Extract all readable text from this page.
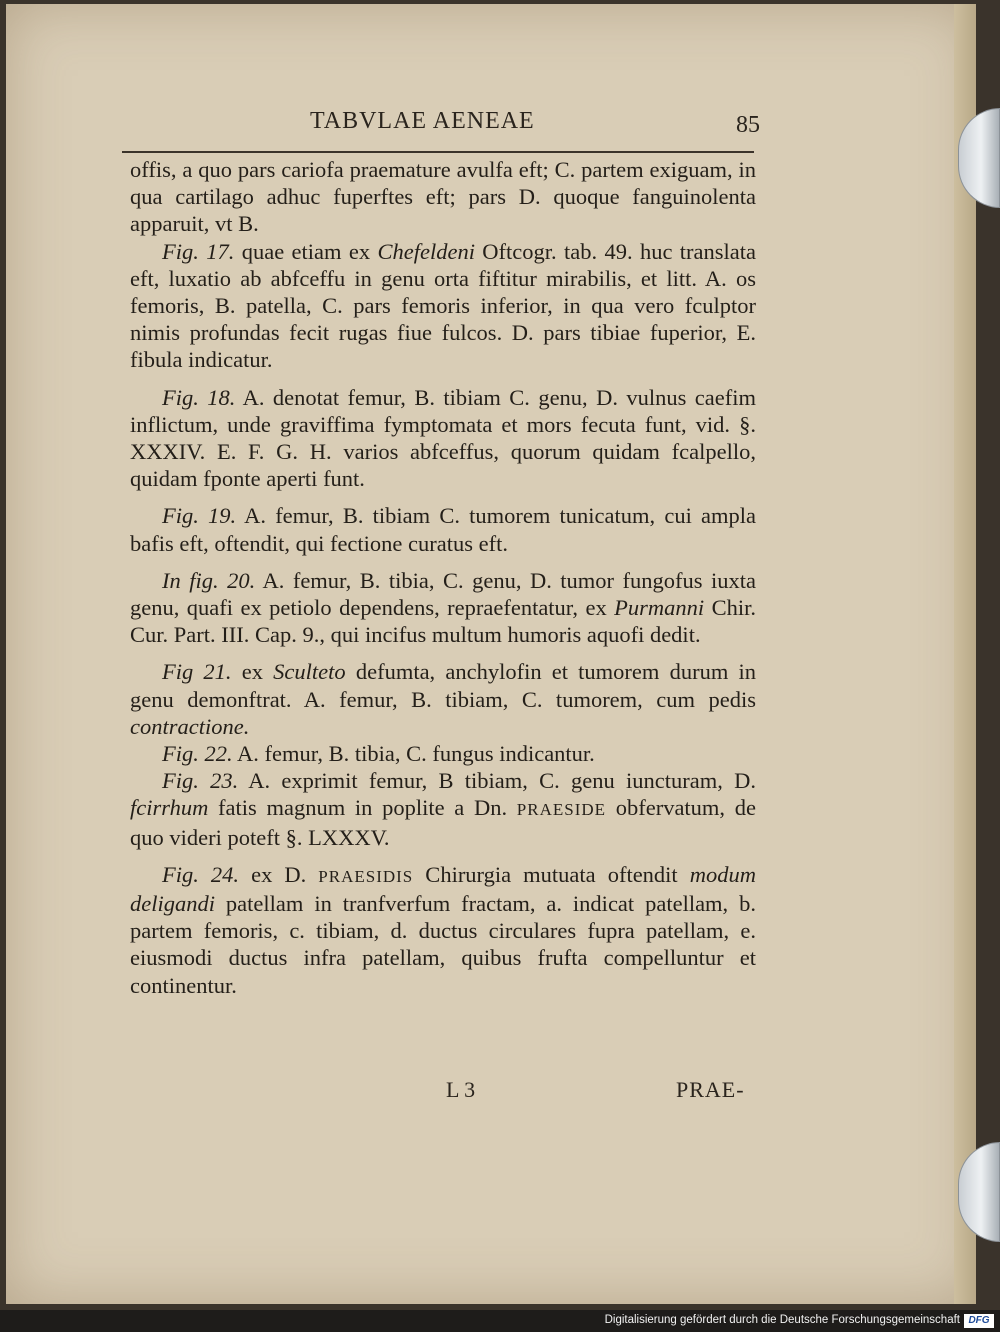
TABVLAE AENEAE	85

offis, a quo pars cariofa praemature avulfa eft; C. partem exiguam, in qua cartilago adhuc fuperftes eft; pars D. quoque fanguinolenta apparuit, vt B.

Fig. 17. quae etiam ex Chefeldeni Oftcogr. tab. 49. huc translata eft, luxatio ab abfceffu in genu orta fiftitur mirabilis, et litt. A. os femoris, B. patella, C. pars femoris inferior, in qua vero fculptor nimis profundas fecit rugas fiue fulcos. D. pars tibiae fuperior, E. fibula indicatur.

Fig. 18. A. denotat femur, B. tibiam C. genu, D. vulnus caefim inflictum, unde graviffima fymptomata et mors fecuta funt, vid. §. XXXIV. E. F. G. H. varios abfceffus, quorum quidam fcalpello, quidam fponte aperti funt.

Fig. 19. A. femur, B. tibiam C. tumorem tunicatum, cui ampla bafis eft, oftendit, qui fectione curatus eft.

In fig. 20. A. femur, B. tibia, C. genu, D. tumor fungofus iuxta genu, quafi ex petiolo dependens, repraefentatur, ex Purmanni Chir. Cur. Part. III. Cap. 9., qui incifus multum humoris aquofi dedit.

Fig 21. ex Sculteto defumta, anchylofin et tumorem durum in genu demonftrat. A. femur, B. tibiam, C. tumorem, cum pedis contractione.

Fig. 22. A. femur, B. tibia, C. fungus indicantur.

Fig. 23. A. exprimit femur, B tibiam, C. genu iuncturam, D. fcirrhum fatis magnum in poplite a Dn. PRAESIDE obfervatum, de quo videri poteft §. LXXXV.

Fig. 24. ex D. PRAESIDIS Chirurgia mutuata oftendit modum deligandi patellam in tranfverfum fractam, a. indicat patellam, b. partem femoris, c. tibiam, d. ductus circulares fupra patellam, e. eiusmodi ductus infra patellam, quibus frufta compelluntur et continentur.

L 3	PRAE-
Digitalisierung gefördert durch die Deutsche Forschungsgemeinschaft DFG
